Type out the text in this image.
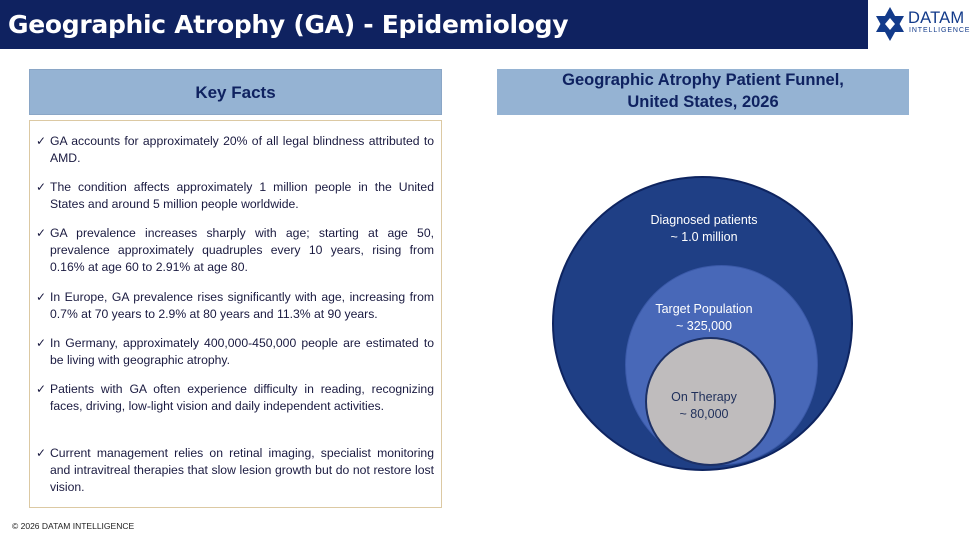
Geographic Atrophy (GA) - Epidemiology	DATAM
INTELLIGENCE
Key Facts
✓ GA accounts for approximately 20% of all legal blindness attributed to AMD.
✓ The condition affects approximately 1 million people in the United States and around 5 million people worldwide.
✓ GA prevalence increases sharply with age; starting at age 50, prevalence approximately quadruples every 10 years, rising from 0.16% at age 60 to 2.91% at age 80.
✓ In Europe, GA prevalence rises significantly with age, increasing from 0.7% at 70 years to 2.9% at 80 years and 11.3% at 90 years.
✓ In Germany, approximately 400,000-450,000 people are estimated to be living with geographic atrophy.
✓ Patients with GA often experience difficulty in reading, recognizing faces, driving, low-light vision and daily independent activities.
✓ Current management relies on retinal imaging, specialist monitoring and intravitreal therapies that slow lesion growth but do not restore lost vision.
Geographic Atrophy Patient Funnel,
United States, 2026
Diagnosed patients
~ 1.0 million
Target Population
~ 325,000
On Therapy
~ 80,000
© 2026 DATAM INTELLIGENCE
